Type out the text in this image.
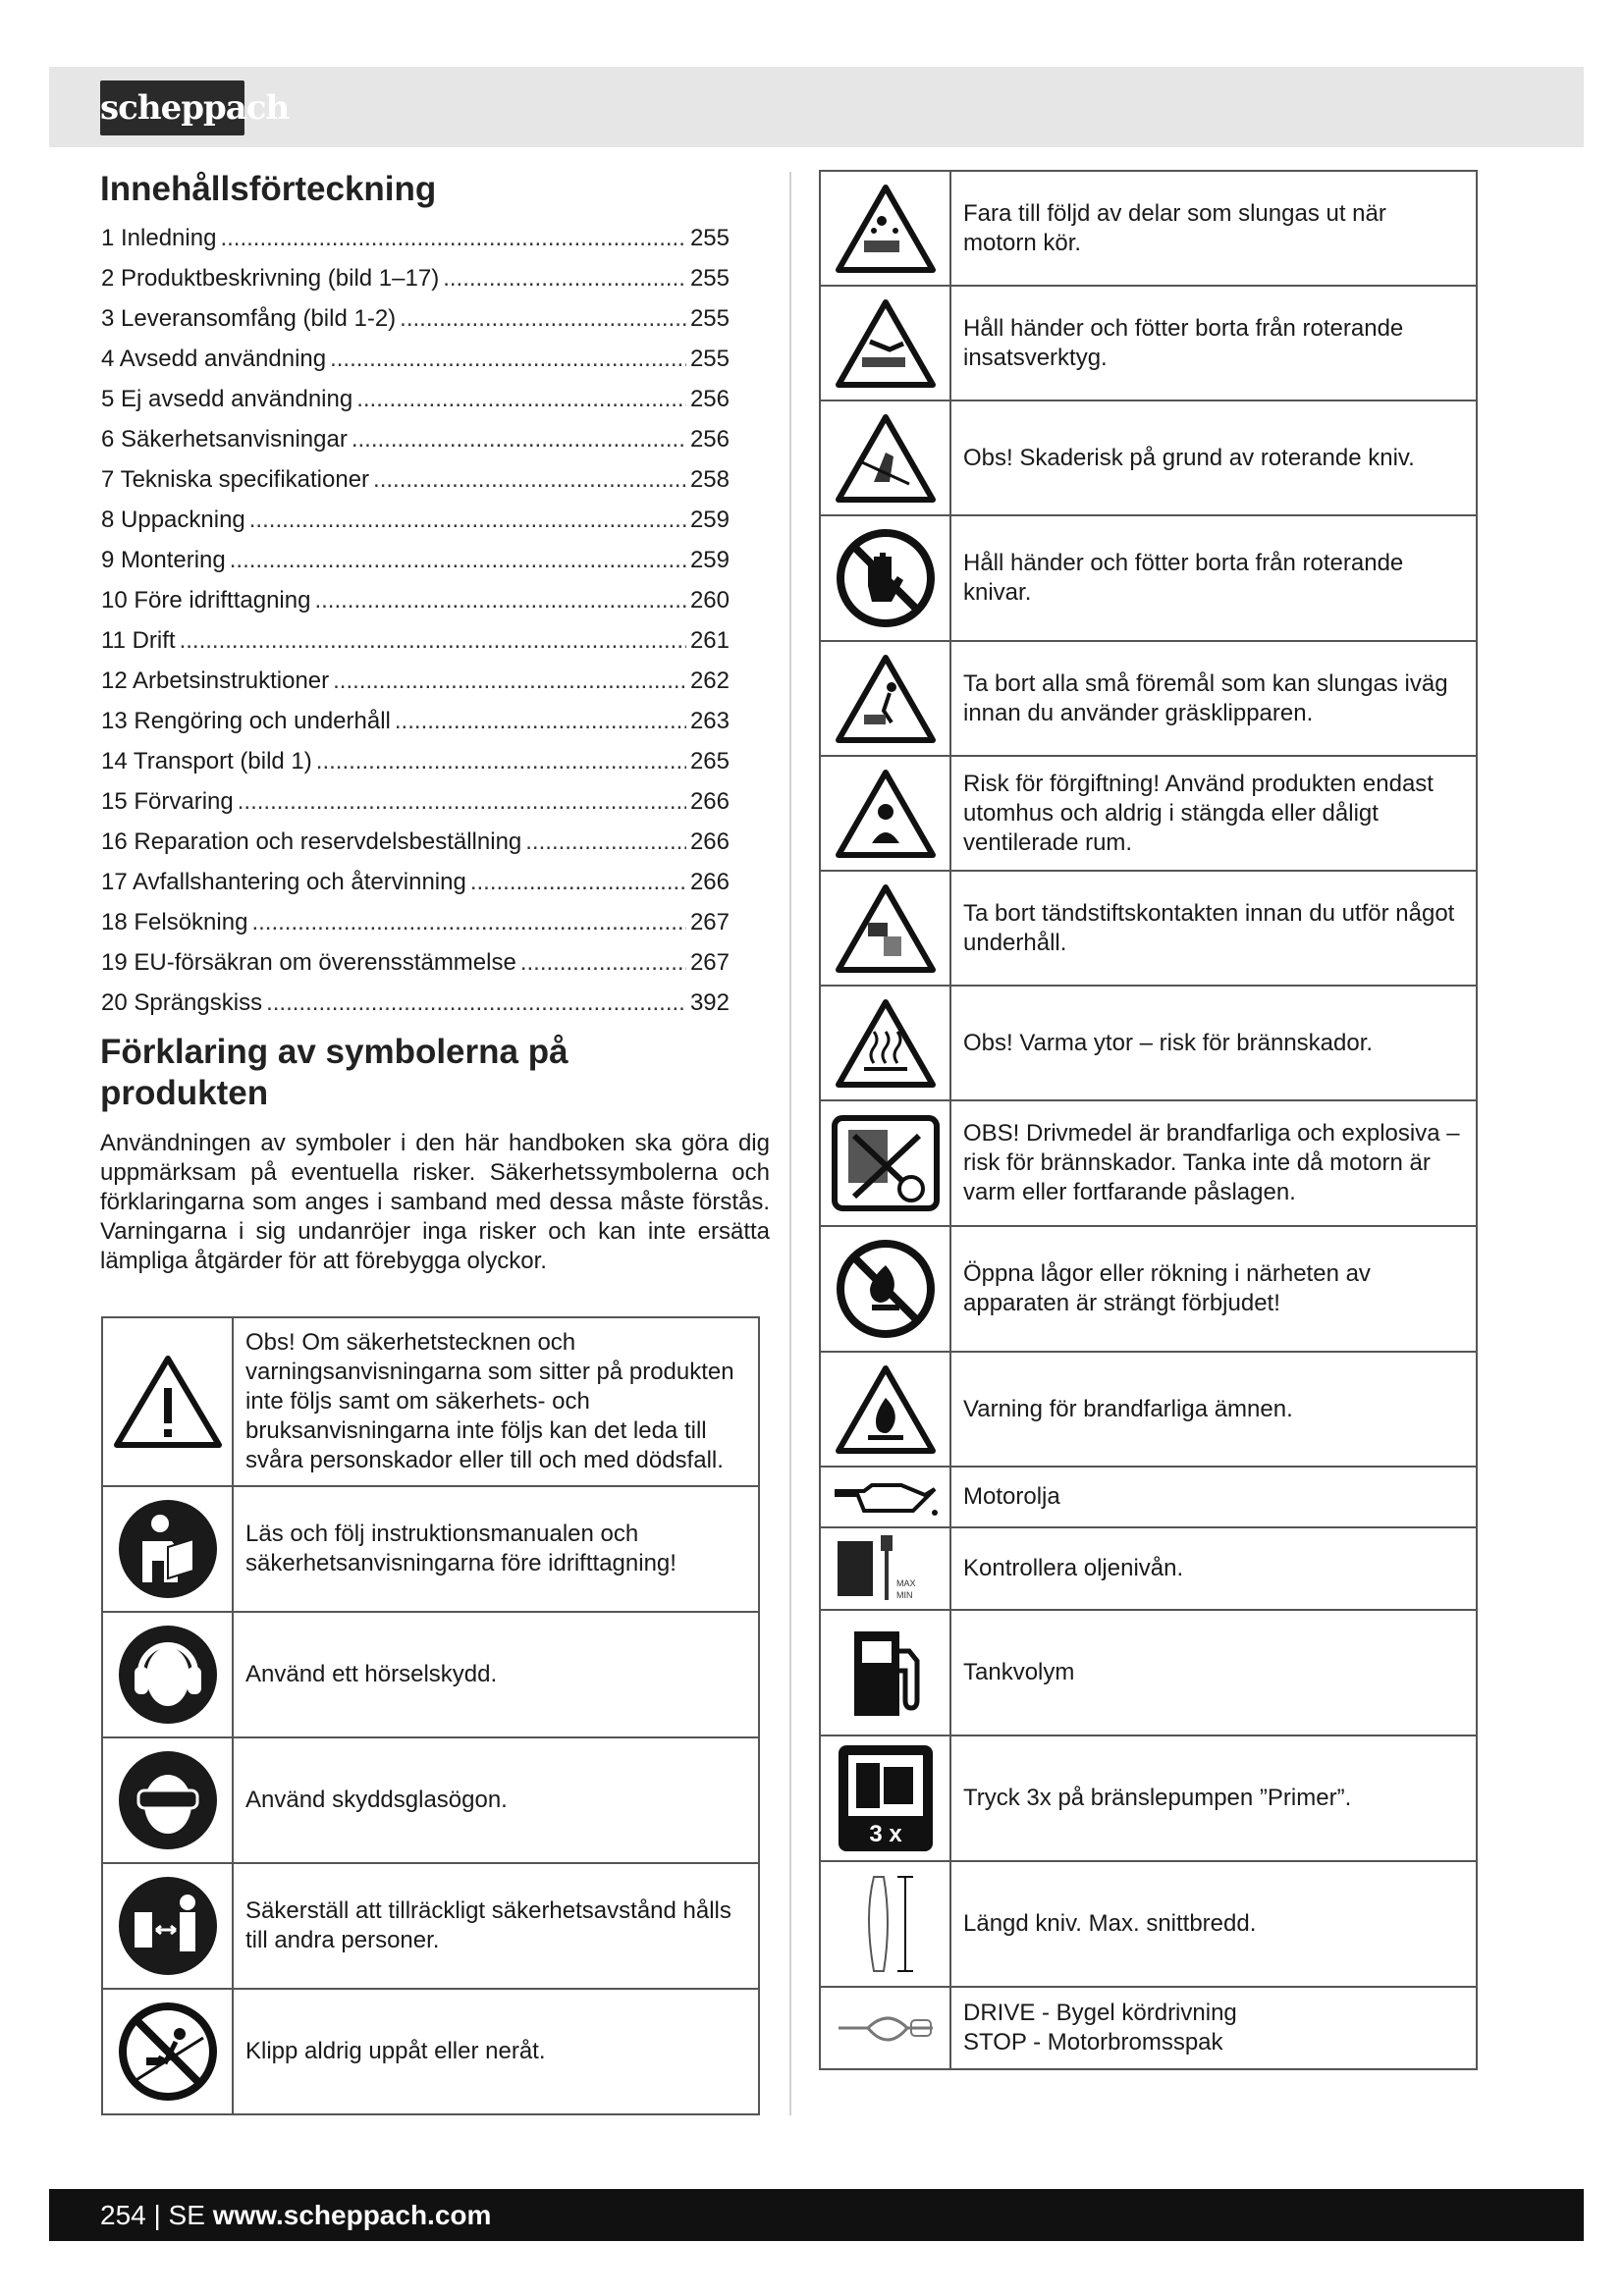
scheppach
Innehållsförteckning
1 Inledning .....	255
2 Produktbeskrivning (bild 1–17) .....	255
3 Leveransomfång (bild 1-2) .....	255
4 Avsedd användning .....	255
5 Ej avsedd användning .....	256
6 Säkerhetsanvisningar .....	256
7 Tekniska specifikationer .....	258
8 Uppackning .....	259
9 Montering .....	259
10 Före idrifttagning .....	260
11 Drift .....	261
12 Arbetsinstruktioner .....	262
13 Rengöring och underhåll .....	263
14 Transport (bild 1) .....	265
15 Förvaring .....	266
16 Reparation och reservdelsbeställning .....	266
17 Avfallshantering och återvinning .....	266
18 Felsökning .....	267
19 EU-försäkran om överensstämmelse .....	267
20 Sprängskiss .....	392
Förklaring av symbolerna på produkten
Användningen av symboler i den här handboken ska göra dig uppmärksam på eventuella risker. Säkerhetssymbolerna och förklaringarna som anges i samband med dessa måste förstås. Varningarna i sig undanröjer inga risker och kan inte ersätta lämpliga åtgärder för att förebygga olyckor.
	Obs! Om säkerhetstecknen och varningsanvisningarna som sitter på produkten inte följs samt om säkerhets- och bruksanvisningarna inte följs kan det leda till svåra personskador eller till och med dödsfall.

	Läs och följ instruktionsmanualen och säkerhetsanvisningarna före idrifttagning!

	Använd ett hörselskydd.

	Använd skyddsglasögon.

	Säkerställ att tillräckligt säkerhetsavstånd hålls till andra personer.

	Klipp aldrig uppåt eller neråt.
	Fara till följd av delar som slungas ut när motorn kör.

	Håll händer och fötter borta från roterande insatsverktyg.

	Obs! Skaderisk på grund av roterande kniv.

	Håll händer och fötter borta från roterande knivar.

	Ta bort alla små föremål som kan slungas iväg innan du använder gräsklipparen.

	Risk för förgiftning! Använd produkten endast utomhus och aldrig i stängda eller dåligt ventilerade rum.

	Ta bort tändstiftskontakten innan du utför något underhåll.

	Obs! Varma ytor – risk för brännskador.

	OBS! Drivmedel är brandfarliga och explosiva – risk för brännskador. Tanka inte då motorn är varm eller fortfarande påslagen.

	Öppna lågor eller rökning i närheten av apparaten är strängt förbjudet!

	Varning för brandfarliga ämnen.

	Motorolja

MAX
MIN	Kontrollera oljenivån.

	Tankvolym

3 x	Tryck 3x på bränslepumpen ”Primer”.

	Längd kniv. Max. snittbredd.

DRIVE - Bygel kördrivning
STOP - Motorbromsspak
254 | SE www.scheppach.com
